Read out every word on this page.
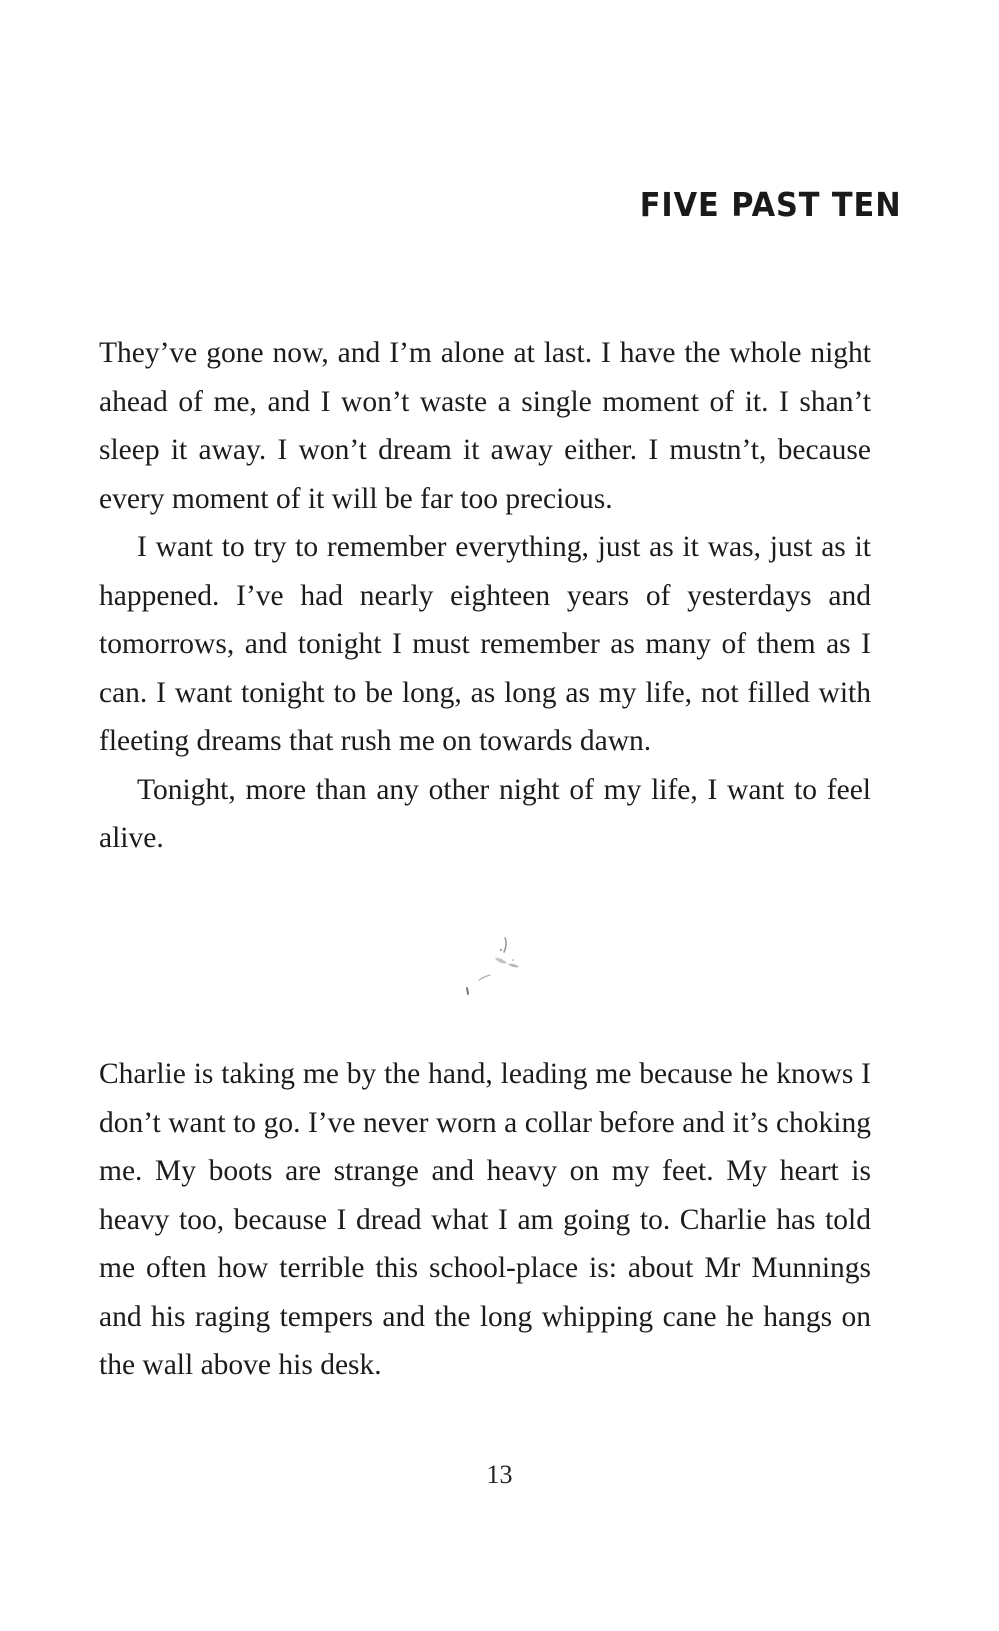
FIVE PAST TEN

They’ve gone now, and I’m alone at last. I have the whole night ahead of me, and I won’t waste a single moment of it. I shan’t sleep it away. I won’t dream it away either. I mustn’t, because every moment of it will be far too precious.

I want to try to remember everything, just as it was, just as it happened. I’ve had nearly eighteen years of yesterdays and tomorrows, and tonight I must remember as many of them as I can. I want tonight to be long, as long as my life, not filled with fleeting dreams that rush me on towards dawn.

Tonight, more than any other night of my life, I want to feel alive.

Charlie is taking me by the hand, leading me because he knows I don’t want to go. I’ve never worn a collar before and it’s choking me. My boots are strange and heavy on my feet. My heart is heavy too, because I dread what I am going to. Charlie has told me often how terrible this school-place is: about Mr Munnings and his raging tempers and the long whipping cane he hangs on the wall above his desk.

13
